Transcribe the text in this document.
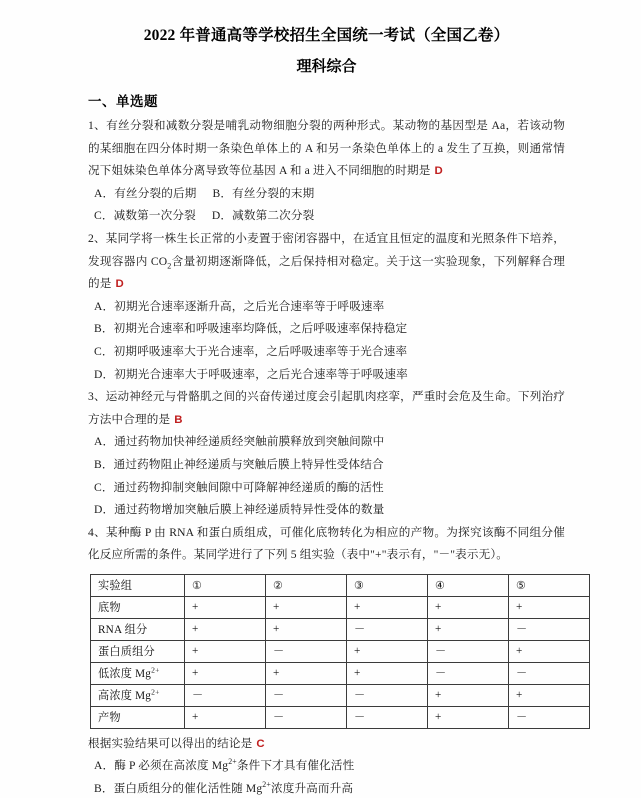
2022 年普通高等学校招生全国统一考试（全国乙卷）
理科综合
一、单选题
1、有丝分裂和减数分裂是哺乳动物细胞分裂的两种形式。某动物的基因型是 Aa，若该动物的某细胞在四分体时期一条染色单体上的 A 和另一条染色单体上的 a 发生了互换，则通常情况下姐妹染色单体分离导致等位基因 A 和 a 进入不同细胞的时期是 D
A．有丝分裂的后期 B．有丝分裂的末期
C．减数第一次分裂 D．减数第二次分裂
2、某同学将一株生长正常的小麦置于密闭容器中，在适宜且恒定的温度和光照条件下培养，发现容器内 $CO_2$含量初期逐渐降低，之后保持相对稳定。关于这一实验现象，下列解释合理的是 D
A．初期光合速率逐渐升高，之后光合速率等于呼吸速率
B．初期光合速率和呼吸速率均降低，之后呼吸速率保持稳定
C．初期呼吸速率大于光合速率，之后呼吸速率等于光合速率
D．初期光合速率大于呼吸速率，之后光合速率等于呼吸速率
3、运动神经元与骨骼肌之间的兴奋传递过度会引起肌肉痉挛，严重时会危及生命。下列治疗方法中合理的是 B
A．通过药物加快神经递质经突触前膜释放到突触间隙中
B．通过药物阻止神经递质与突触后膜上特异性受体结合
C．通过药物抑制突触间隙中可降解神经递质的酶的活性
D．通过药物增加突触后膜上神经递质特异性受体的数量
4、某种酶 P 由 RNA 和蛋白质组成，可催化底物转化为相应的产物。为探究该酶不同组分催化反应所需的条件。某同学进行了下列 5 组实验（表中"+"表示有，"－"表示无）。
实验组	①	②	③	④	⑤
底物	+	+	+	+	+
RNA 组分	+	+	－	+	－
蛋白质组分	+	－	+	－	+
低浓度 $Mg^{2+}$	+	+	+	－	－
高浓度 $Mg^{2+}$	－	－	－	+	+
产物	+	－	－	+	－
根据实验结果可以得出的结论是 C
A．酶 P 必须在高浓度 $Mg^{2+}$条件下才具有催化活性
B．蛋白质组分的催化活性随 $Mg^{2+}$浓度升高而升高
